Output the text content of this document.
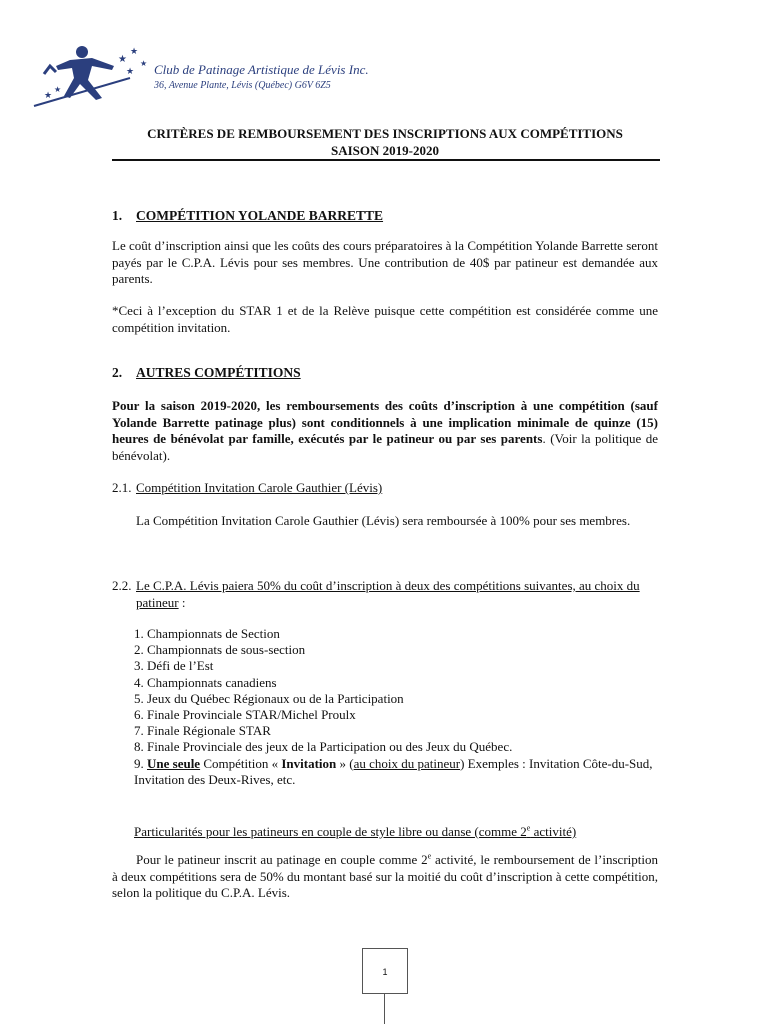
★
★
★
★
★
★
Club de Patinage Artistique de Lévis Inc.
36, Avenue Plante, Lévis (Québec) G6V 6Z5
CRITÈRES DE REMBOURSEMENT DES INSCRIPTIONS AUX COMPÉTITIONS
SAISON 2019-2020
1. COMPÉTITION YOLANDE BARRETTE
Le coût d’inscription ainsi que les coûts des cours préparatoires à la Compétition Yolande Barrette seront payés par le C.P.A. Lévis pour ses membres. Une contribution de 40$ par patineur est demandée aux parents.
*Ceci à l’exception du STAR 1 et de la Relève puisque cette compétition est considérée comme une compétition invitation.
2. AUTRES COMPÉTITIONS
Pour la saison 2019-2020, les remboursements des coûts d’inscription à une compétition (sauf Yolande Barrette patinage plus) sont conditionnels à une implication minimale de quinze (15) heures de bénévolat par famille, exécutés par le patineur ou par ses parents. (Voir la politique de bénévolat).
2.1. Compétition Invitation Carole Gauthier (Lévis)
La Compétition Invitation Carole Gauthier (Lévis) sera remboursée à 100% pour ses membres.
2.2. Le C.P.A. Lévis paiera 50% du coût d’inscription à deux des compétitions suivantes, au choix du patineur :
1. Championnats de Section
2. Championnats de sous-section
3. Défi de l’Est
4. Championnats canadiens
5. Jeux du Québec Régionaux ou de la Participation
6. Finale Provinciale STAR/Michel Proulx
7. Finale Régionale STAR
8. Finale Provinciale des jeux de la Participation ou des Jeux du Québec.
9. Une seule Compétition « Invitation » (au choix du patineur) Exemples : Invitation Côte-du-Sud, Invitation des Deux-Rives, etc.
Particularités pour les patineurs en couple de style libre ou danse (comme 2e activité)
Pour le patineur inscrit au patinage en couple comme 2e activité, le remboursement de l’inscription à deux compétitions sera de 50% du montant basé sur la moitié du coût d’inscription à cette compétition, selon la politique du C.P.A. Lévis.
1
